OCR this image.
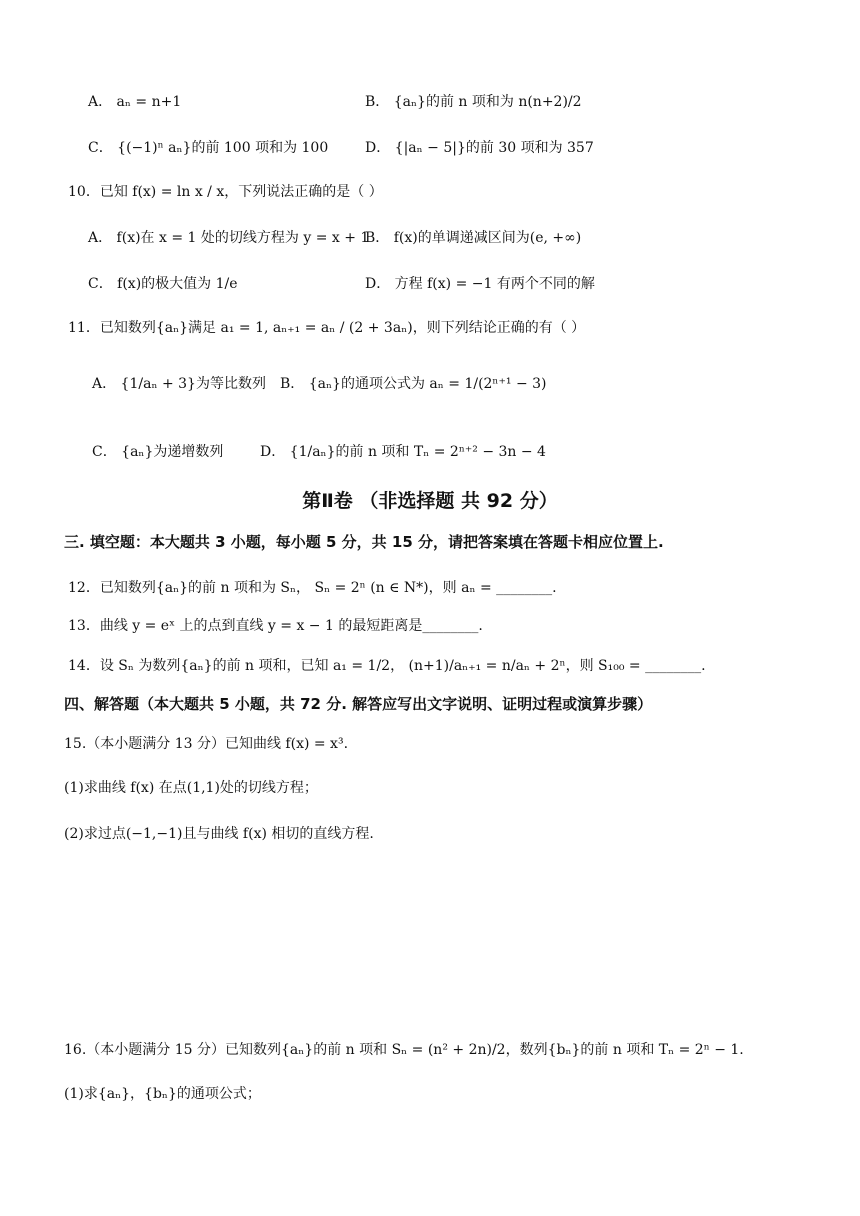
A． aₙ = n+1	B． {aₙ}的前 n 项和为 n(n+2)/2
C． {(−1)ⁿ aₙ}的前 100 项和为 100	D． {|aₙ − 5|}的前 30 项和为 357
10．已知 f(x) = ln x / x，下列说法正确的是（ ）
A． f(x)在 x = 1 处的切线方程为 y = x + 1
B． f(x)的单调递减区间为(e, +∞)
C． f(x)的极大值为 1/e	D． 方程 f(x) = −1 有两个不同的解
11．已知数列{aₙ}满足 a₁ = 1, aₙ₊₁ = aₙ / (2 + 3aₙ)，则下列结论正确的有（ ）
A． {1/aₙ + 3}为等比数列 B． {aₙ}的通项公式为 aₙ = 1/(2ⁿ⁺¹ − 3)
C． {aₙ}为递增数列	D． {1/aₙ}的前 n 项和 Tₙ = 2ⁿ⁺² − 3n − 4
第Ⅱ卷 （非选择题 共 92 分）
三. 填空题：本大题共 3 小题，每小题 5 分，共 15 分，请把答案填在答题卡相应位置上.
12．已知数列{aₙ}的前 n 项和为 Sₙ， Sₙ = 2ⁿ (n ∈ N*)，则 aₙ = ________.
13．曲线 y = eˣ 上的点到直线 y = x − 1 的最短距离是________.
14．设 Sₙ 为数列{aₙ}的前 n 项和，已知 a₁ = 1/2， (n+1)/aₙ₊₁ = n/aₙ + 2ⁿ，则 S₁₀₀ = ________.
四、解答题（本大题共 5 小题，共 72 分. 解答应写出文字说明、证明过程或演算步骤）
15.（本小题满分 13 分）已知曲线 f(x) = x³.
(1)求曲线 f(x) 在点(1,1)处的切线方程；
(2)求过点(−1,−1)且与曲线 f(x) 相切的直线方程.
16.（本小题满分 15 分）已知数列{aₙ}的前 n 项和 Sₙ = (n² + 2n)/2，数列{bₙ}的前 n 项和 Tₙ = 2ⁿ − 1.
(1)求{aₙ}，{bₙ}的通项公式；
